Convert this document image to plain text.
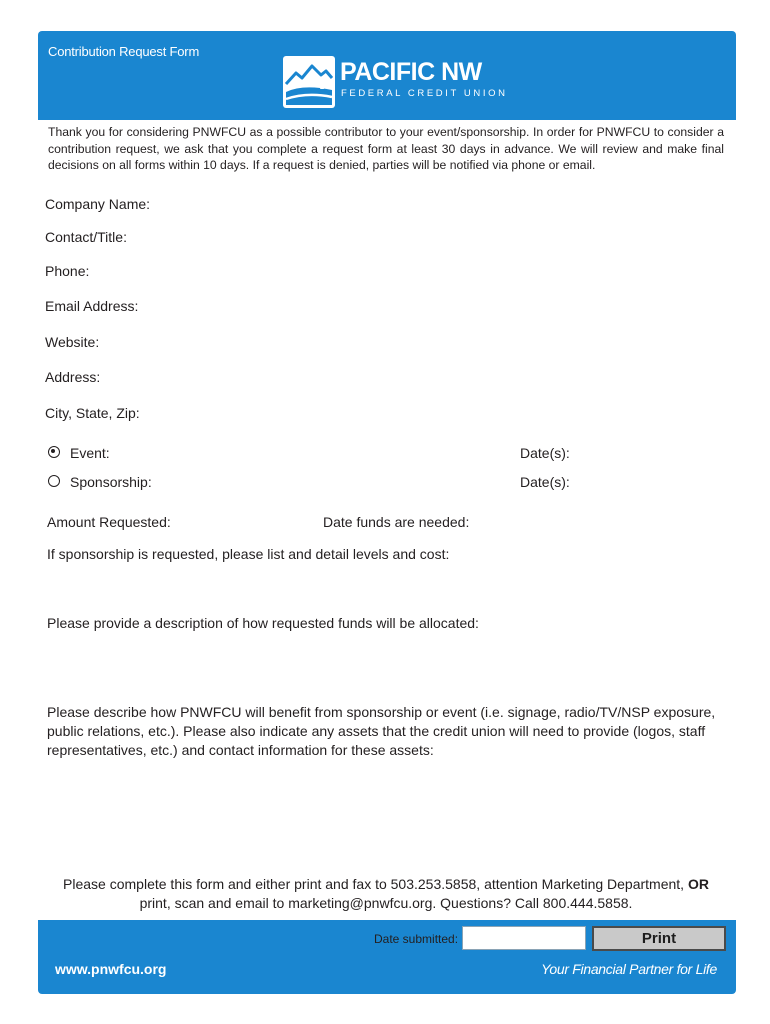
Contribution Request Form
PACIFIC NW
FEDERAL CREDIT UNION
Thank you for considering PNWFCU as a possible contributor to your event/sponsorship. In order for PNWFCU to consider a contribution request, we ask that you complete a request form at least 30 days in advance. We will review and make final decisions on all forms within 10 days. If a request is denied, parties will be notified via phone or email.
Company Name:
Contact/Title:
Phone:
Email Address:
Website:
Address:
City, State, Zip:
Event:	Date(s):
Sponsorship:	Date(s):
Amount Requested:	Date funds are needed:
If sponsorship is requested, please list and detail levels and cost:
Please provide a description of how requested funds will be allocated:
Please describe how PNWFCU will benefit from sponsorship or event (i.e. signage, radio/TV/NSP exposure, public relations, etc.). Please also indicate any assets that the credit union will need to provide (logos, staff representatives, etc.) and contact information for these assets:
Please complete this form and either print and fax to 503.253.5858, attention Marketing Department, OR
print, scan and email to marketing@pnwfcu.org. Questions? Call 800.444.5858.
Date submitted:	Print
www.pnwfcu.org	Your Financial Partner for Life
